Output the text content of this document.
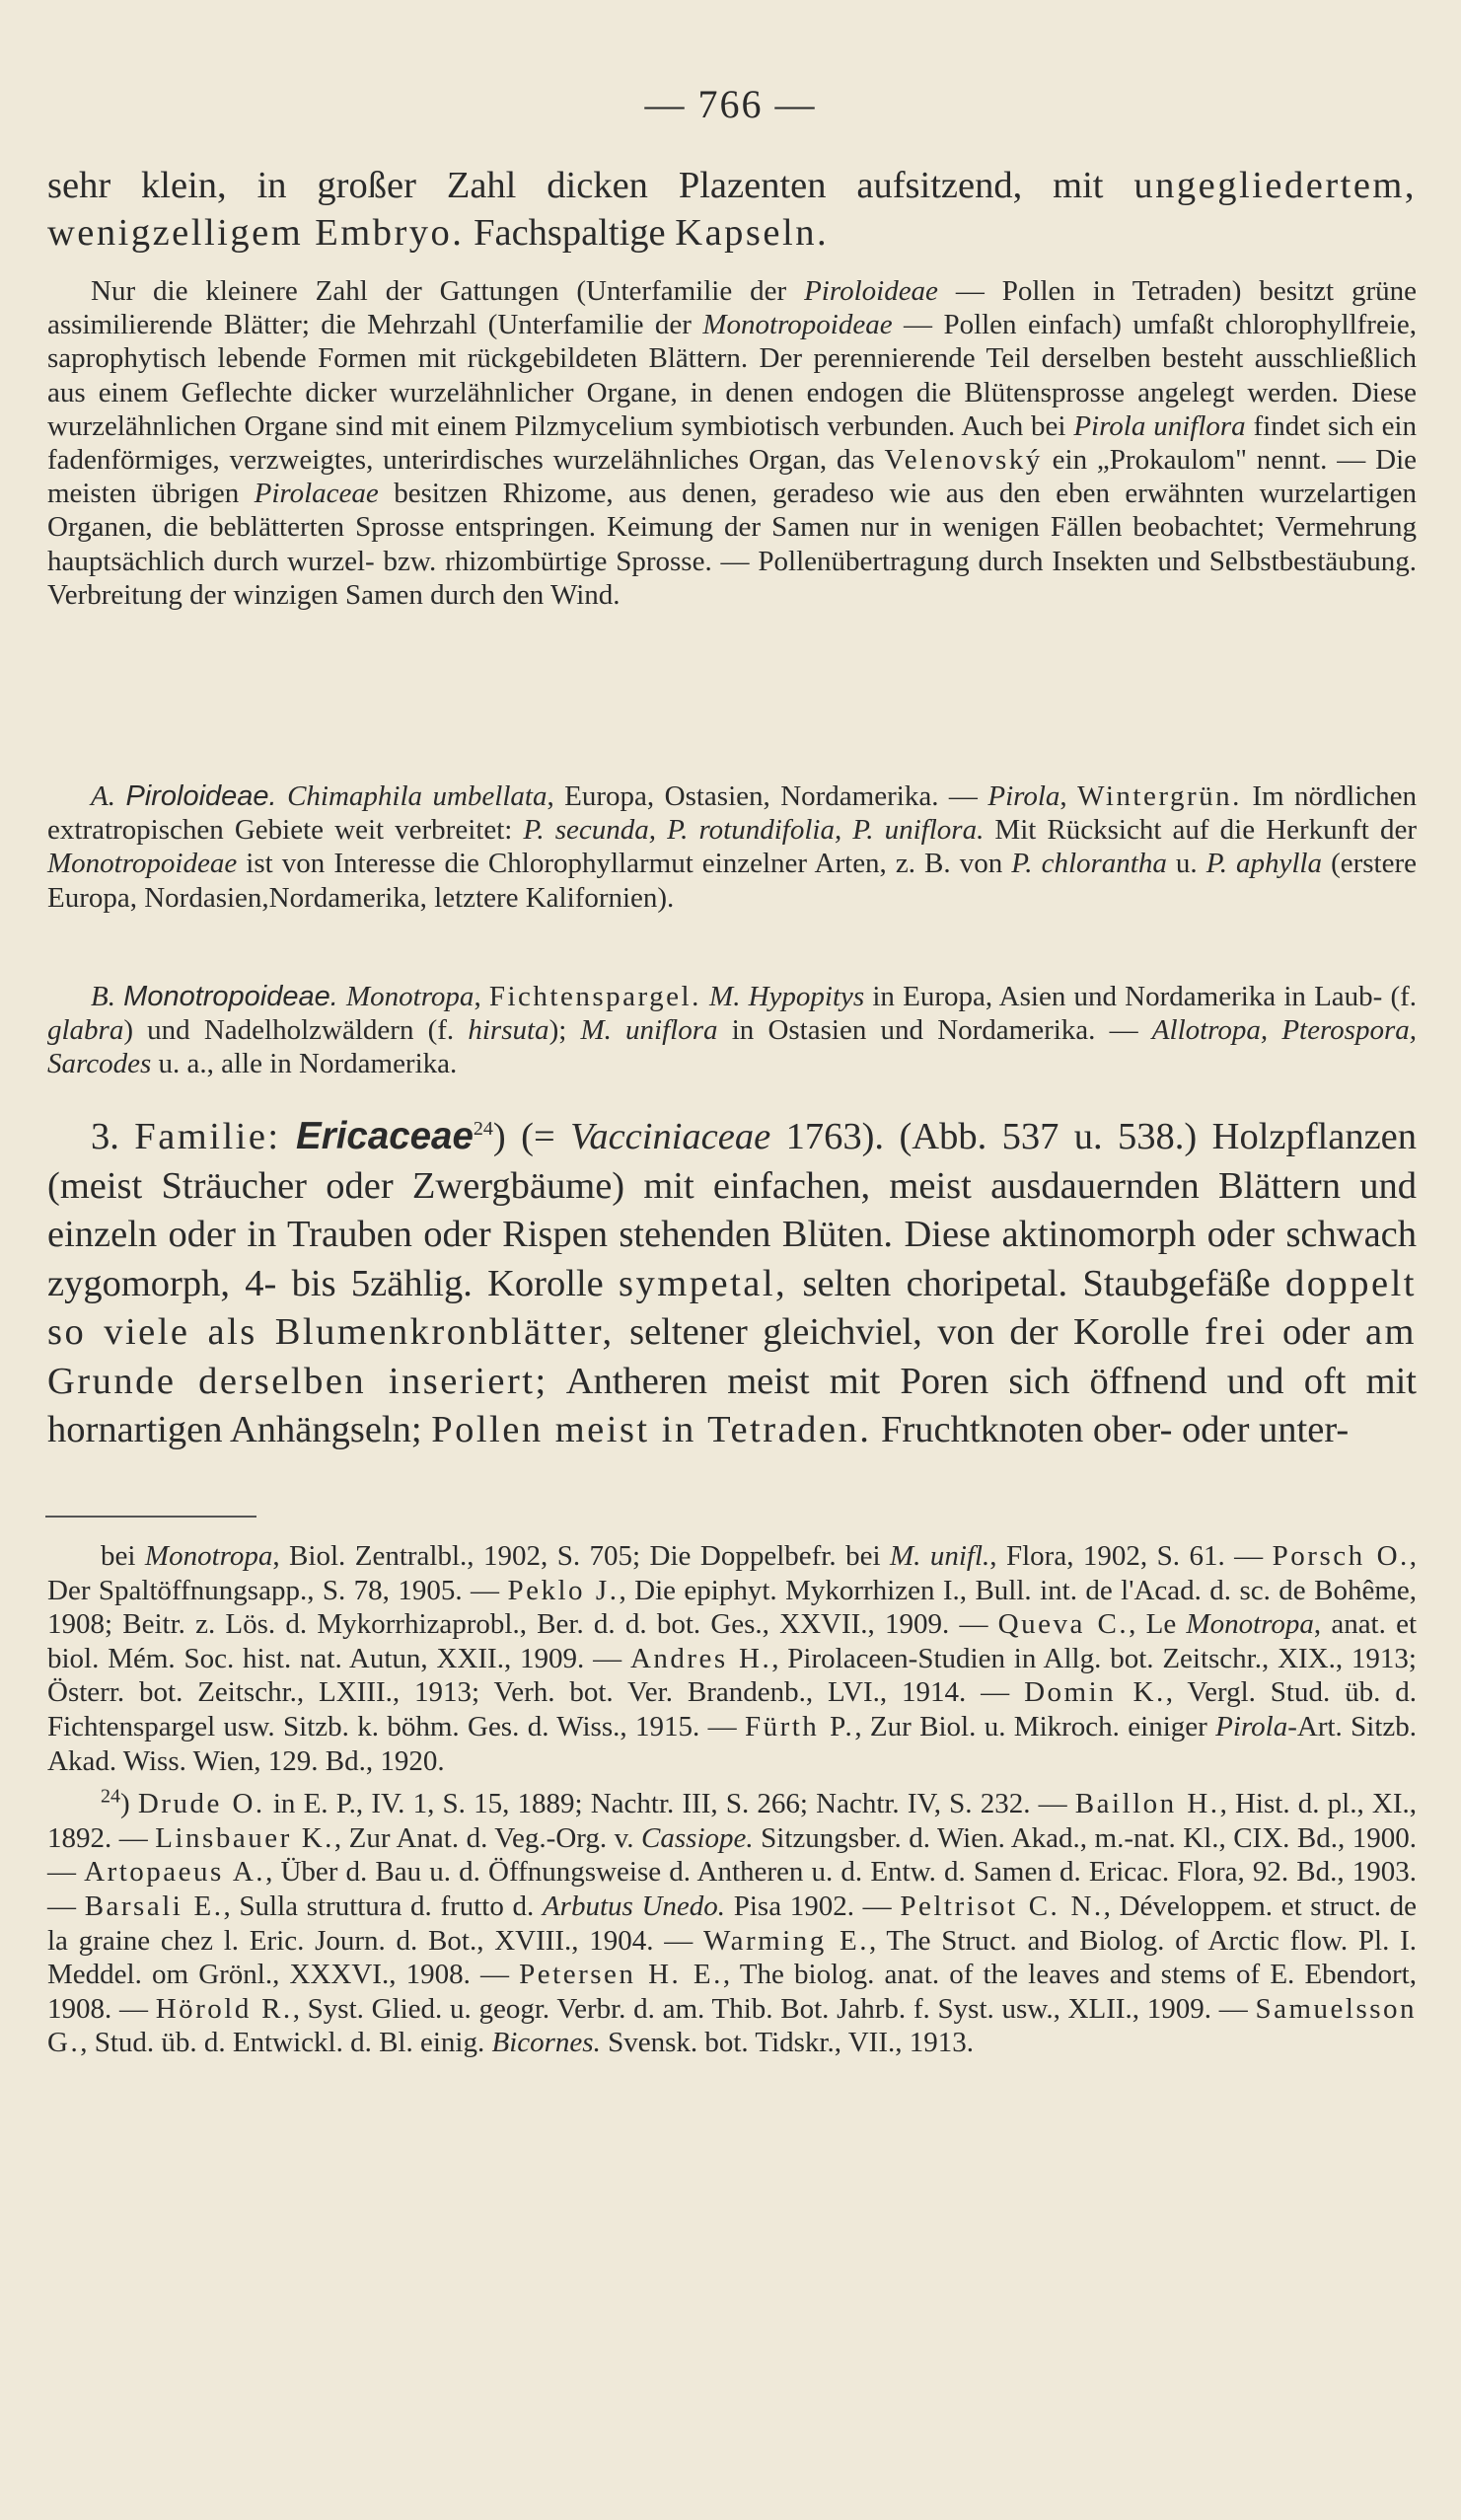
— 766 —
sehr klein, in großer Zahl dicken Plazenten aufsitzend, mit ungegliedertem, wenigzelligem Embryo. Fachspaltige Kapseln.

Nur die kleinere Zahl der Gattungen (Unterfamilie der Piroloideae — Pollen in Tetraden) besitzt grüne assimilierende Blätter; die Mehrzahl (Unterfamilie der Monotropoideae — Pollen einfach) umfaßt chlorophyllfreie, saprophytisch lebende Formen mit rückgebildeten Blättern. Der perennierende Teil derselben besteht ausschließlich aus einem Geflechte dicker wurzelähnlicher Organe, in denen endogen die Blütensprosse angelegt werden. Diese wurzelähnlichen Organe sind mit einem Pilzmycelium symbiotisch verbunden. Auch bei Pirola uniflora findet sich ein fadenförmiges, verzweigtes, unterirdisches wurzelähnliches Organ, das Velenovský ein „Prokaulom" nennt. — Die meisten übrigen Pirolaceae besitzen Rhizome, aus denen, geradeso wie aus den eben erwähnten wurzelartigen Organen, die beblätterten Sprosse entspringen. Keimung der Samen nur in wenigen Fällen beobachtet; Vermehrung hauptsächlich durch wurzel- bzw. rhizombürtige Sprosse. — Pollenübertragung durch Insekten und Selbstbestäubung. Verbreitung der winzigen Samen durch den Wind.

A. Piroloideae. Chimaphila umbellata, Europa, Ostasien, Nordamerika. — Pirola, Wintergrün. Im nördlichen extratropischen Gebiete weit verbreitet: P. secunda, P. rotundifolia, P. uniflora. Mit Rücksicht auf die Herkunft der Monotropoideae ist von Interesse die Chlorophyllarmut einzelner Arten, z. B. von P. chlorantha u. P. aphylla (erstere Europa, Nordasien,Nordamerika, letztere Kalifornien).

B. Monotropoideae. Monotropa, Fichtenspargel. M. Hypopitys in Europa, Asien und Nordamerika in Laub- (f. glabra) und Nadelholzwäldern (f. hirsuta); M. uniflora in Ostasien und Nordamerika. — Allotropa, Pterospora, Sarcodes u. a., alle in Nordamerika.

3. Familie: Ericaceae$^{24}$) (= Vacciniaceae 1763). (Abb. 537 u. 538.) Holzpflanzen (meist Sträucher oder Zwergbäume) mit einfachen, meist ausdauernden Blättern und einzeln oder in Trauben oder Rispen stehenden Blüten. Diese aktinomorph oder schwach zygomorph, 4- bis 5zählig. Korolle sympetal, selten choripetal. Staubgefäße doppelt so viele als Blumenkronblätter, seltener gleichviel, von der Korolle frei oder am Grunde derselben inseriert; Antheren meist mit Poren sich öffnend und oft mit hornartigen Anhängseln; Pollen meist in Tetraden. Fruchtknoten ober- oder unter-

bei Monotropa, Biol. Zentralbl., 1902, S. 705; Die Doppelbefr. bei M. unifl., Flora, 1902, S. 61. — Porsch O., Der Spaltöffnungsapp., S. 78, 1905. — Peklo J., Die epiphyt. Mykorrhizen I., Bull. int. de l'Acad. d. sc. de Bohême, 1908; Beitr. z. Lös. d. Mykorrhizaprobl., Ber. d. d. bot. Ges., XXVII., 1909. — Queva C., Le Monotropa, anat. et biol. Mém. Soc. hist. nat. Autun, XXII., 1909. — Andres H., Pirolaceen-Studien in Allg. bot. Zeitschr., XIX., 1913; Österr. bot. Zeitschr., LXIII., 1913; Verh. bot. Ver. Brandenb., LVI., 1914. — Domin K., Vergl. Stud. üb. d. Fichtenspargel usw. Sitzb. k. böhm. Ges. d. Wiss., 1915. — Fürth P., Zur Biol. u. Mikroch. einiger Pirola-Art. Sitzb. Akad. Wiss. Wien, 129. Bd., 1920.

$^{24}$) Drude O. in E. P., IV. 1, S. 15, 1889; Nachtr. III, S. 266; Nachtr. IV, S. 232. — Baillon H., Hist. d. pl., XI., 1892. — Linsbauer K., Zur Anat. d. Veg.-Org. v. Cassiope. Sitzungsber. d. Wien. Akad., m.-nat. Kl., CIX. Bd., 1900. — Artopaeus A., Über d. Bau u. d. Öffnungsweise d. Antheren u. d. Entw. d. Samen d. Ericac. Flora, 92. Bd., 1903. — Barsali E., Sulla struttura d. frutto d. Arbutus Unedo. Pisa 1902. — Peltrisot C. N., Développem. et struct. de la graine chez l. Eric. Journ. d. Bot., XVIII., 1904. — Warming E., The Struct. and Biolog. of Arctic flow. Pl. I. Meddel. om Grönl., XXXVI., 1908. — Petersen H. E., The biolog. anat. of the leaves and stems of E. Ebendort, 1908. — Hörold R., Syst. Glied. u. geogr. Verbr. d. am. Thib. Bot. Jahrb. f. Syst. usw., XLII., 1909. — Samuelsson G., Stud. üb. d. Entwickl. d. Bl. einig. Bicornes. Svensk. bot. Tidskr., VII., 1913.
